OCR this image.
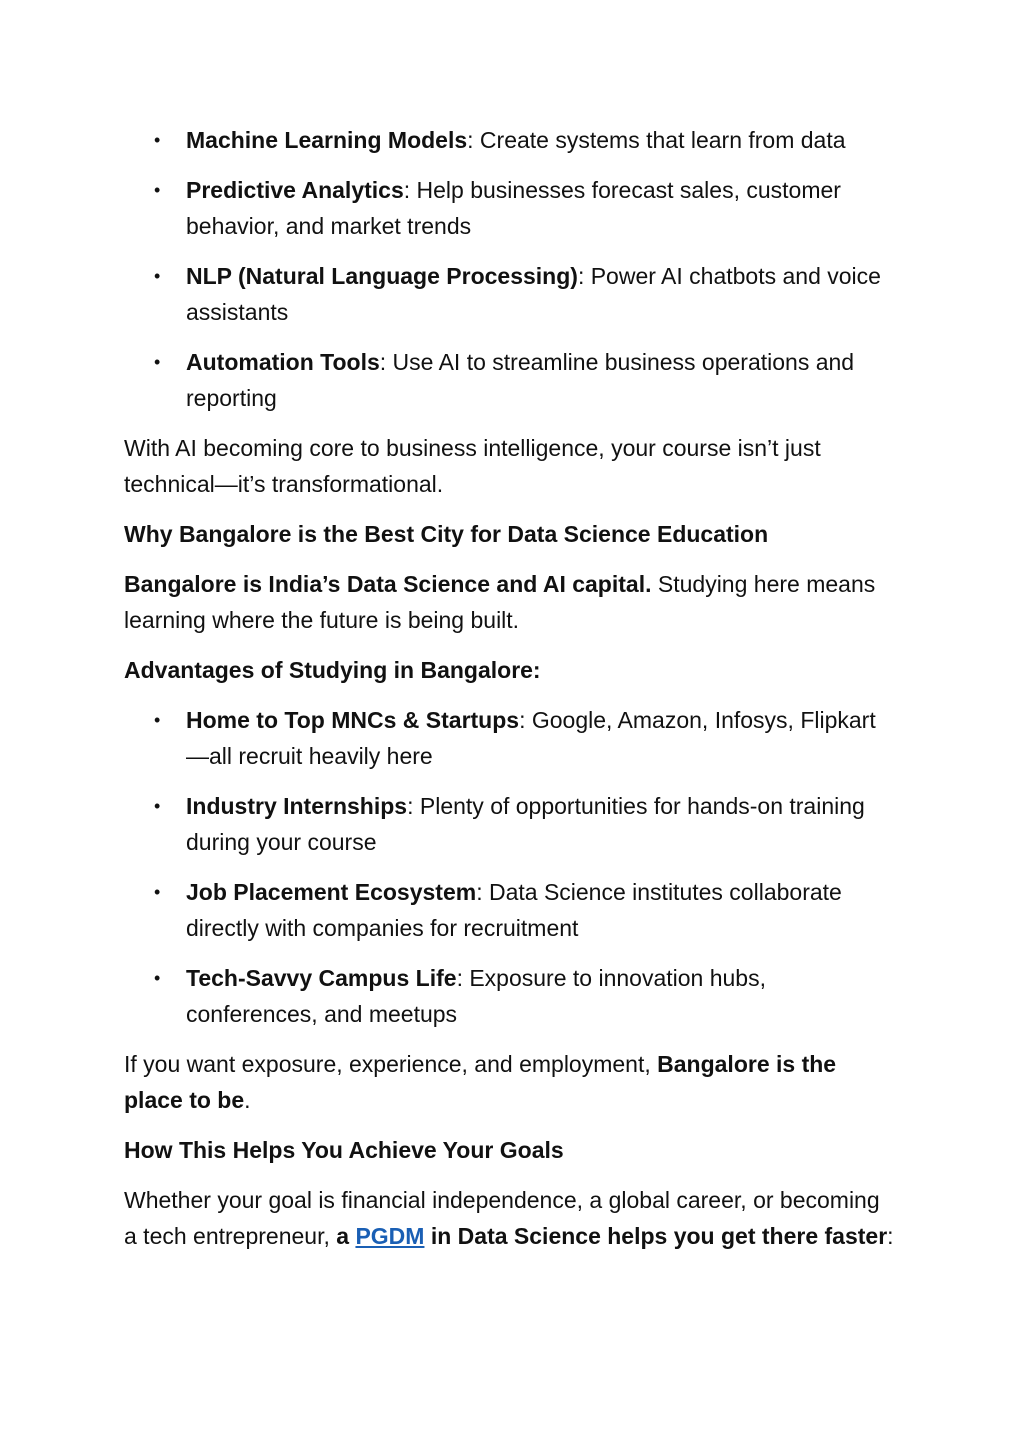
• Machine Learning Models: Create systems that learn from data
• Predictive Analytics: Help businesses forecast sales, customer behavior, and market trends
• NLP (Natural Language Processing): Power AI chatbots and voice assistants
• Automation Tools: Use AI to streamline business operations and reporting

With AI becoming core to business intelligence, your course isn’t just technical—it’s transformational.

Why Bangalore is the Best City for Data Science Education

Bangalore is India’s Data Science and AI capital. Studying here means learning where the future is being built.

Advantages of Studying in Bangalore:

• Home to Top MNCs & Startups: Google, Amazon, Infosys, Flipkart—all recruit heavily here
• Industry Internships: Plenty of opportunities for hands-on training during your course
• Job Placement Ecosystem: Data Science institutes collaborate directly with companies for recruitment
• Tech-Savvy Campus Life: Exposure to innovation hubs, conferences, and meetups

If you want exposure, experience, and employment, Bangalore is the place to be.

How This Helps You Achieve Your Goals

Whether your goal is financial independence, a global career, or becoming a tech entrepreneur, a PGDM in Data Science helps you get there faster:
